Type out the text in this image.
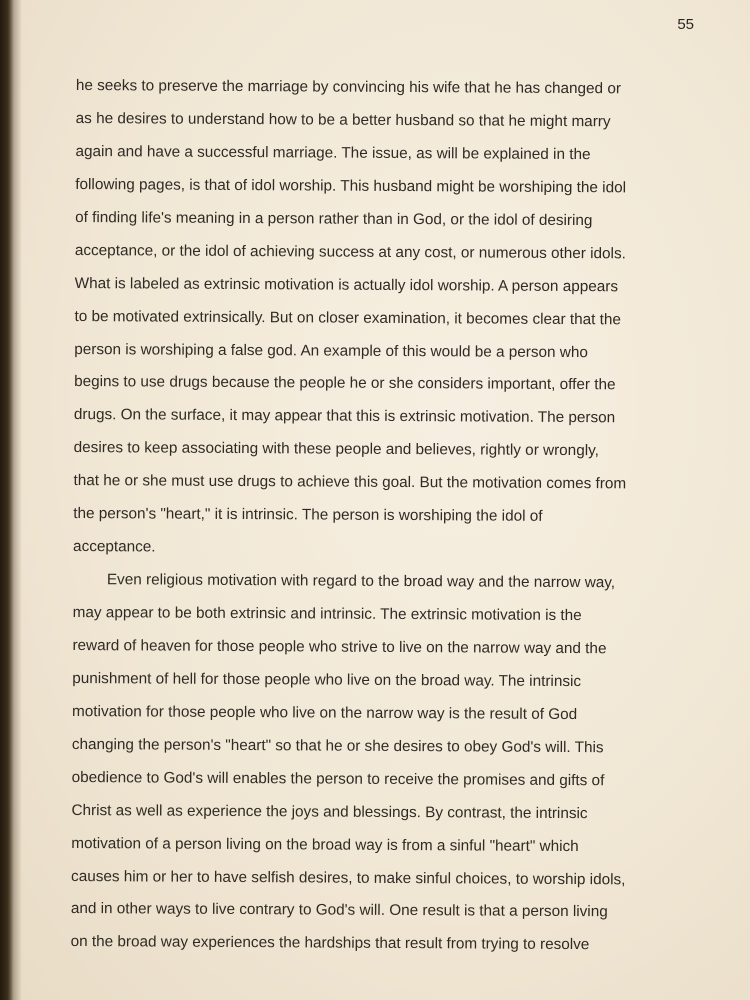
55
he seeks to preserve the marriage by convincing his wife that he has changed or
as he desires to understand how to be a better husband so that he might marry
again and have a successful marriage. The issue, as will be explained in the
following pages, is that of idol worship. This husband might be worshiping the idol
of finding life's meaning in a person rather than in God, or the idol of desiring
acceptance, or the idol of achieving success at any cost, or numerous other idols.
What is labeled as extrinsic motivation is actually idol worship. A person appears
to be motivated extrinsically. But on closer examination, it becomes clear that the
person is worshiping a false god. An example of this would be a person who
begins to use drugs because the people he or she considers important, offer the
drugs. On the surface, it may appear that this is extrinsic motivation. The person
desires to keep associating with these people and believes, rightly or wrongly,
that he or she must use drugs to achieve this goal. But the motivation comes from
the person's "heart," it is intrinsic. The person is worshiping the idol of
acceptance.
Even religious motivation with regard to the broad way and the narrow way,
may appear to be both extrinsic and intrinsic. The extrinsic motivation is the
reward of heaven for those people who strive to live on the narrow way and the
punishment of hell for those people who live on the broad way. The intrinsic
motivation for those people who live on the narrow way is the result of God
changing the person's "heart" so that he or she desires to obey God's will. This
obedience to God's will enables the person to receive the promises and gifts of
Christ as well as experience the joys and blessings. By contrast, the intrinsic
motivation of a person living on the broad way is from a sinful "heart" which
causes him or her to have selfish desires, to make sinful choices, to worship idols,
and in other ways to live contrary to God's will. One result is that a person living
on the broad way experiences the hardships that result from trying to resolve
